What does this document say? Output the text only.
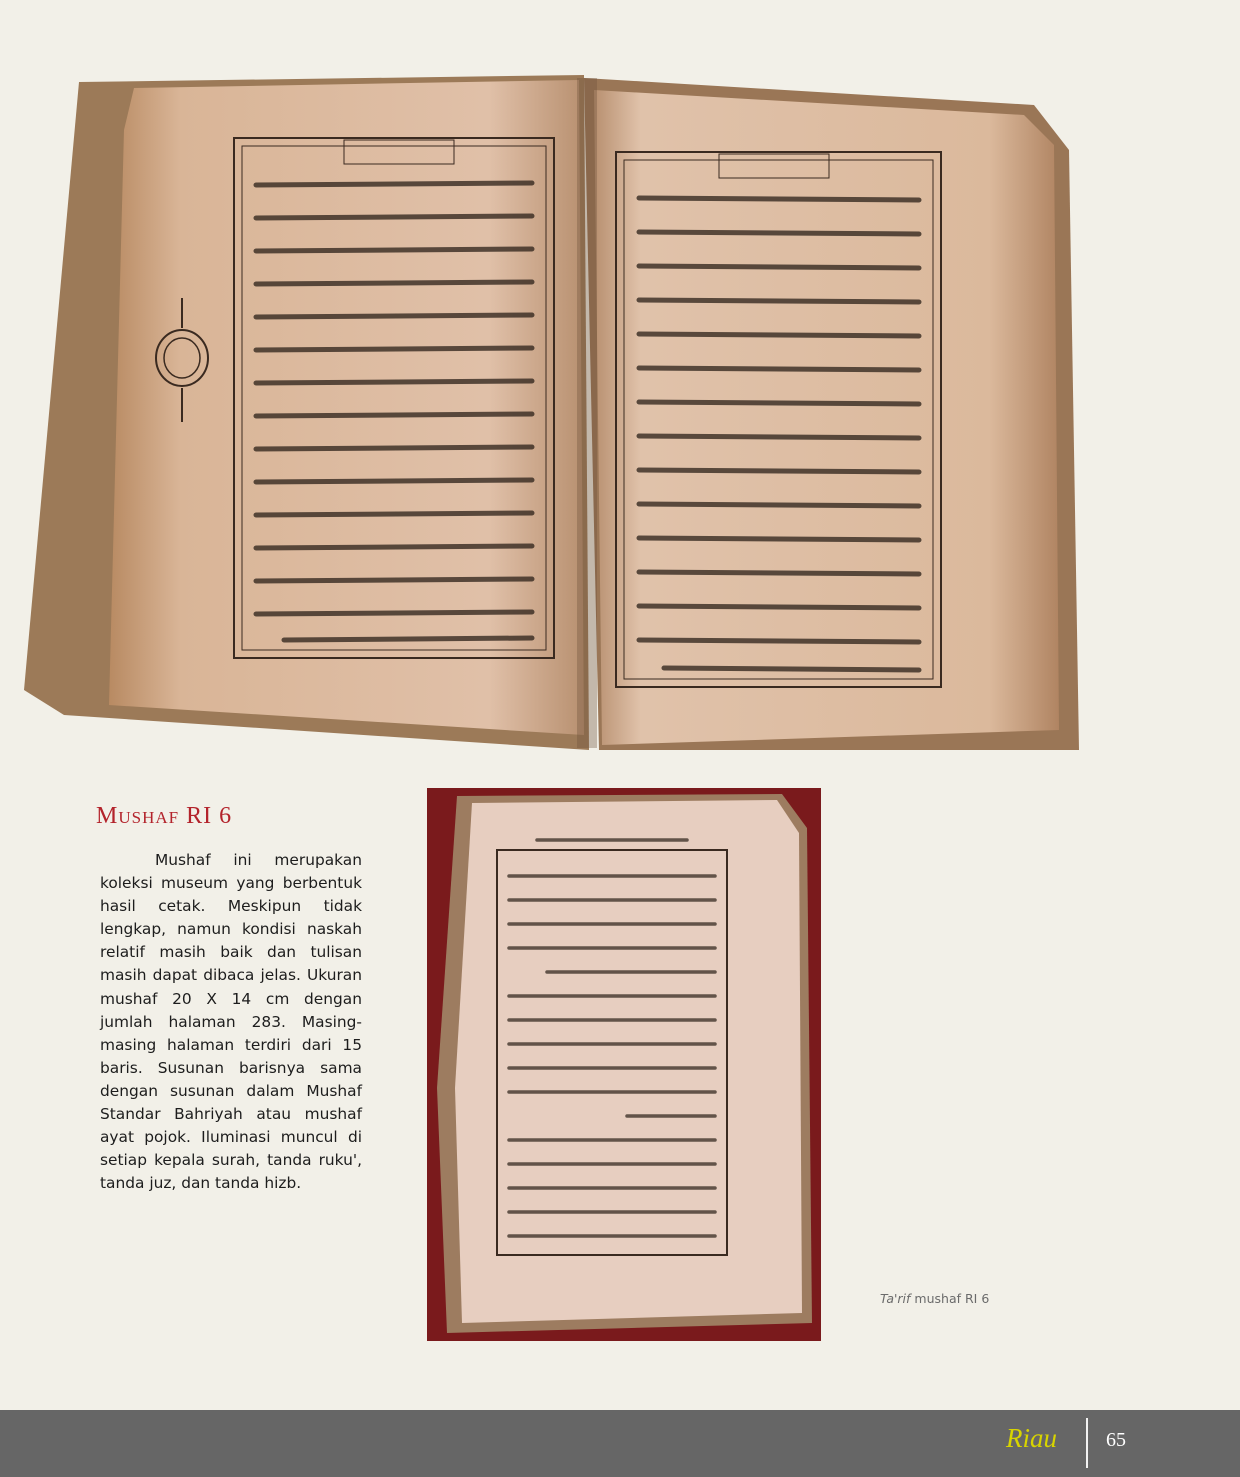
Mushaf RI 6

Mushaf ini merupakan koleksi museum yang berbentuk hasil cetak. Meskipun tidak lengkap, namun kondisi naskah relatif masih baik dan tulisan masih dapat dibaca jelas. Ukuran mushaf 20 X 14 cm dengan jumlah halaman 283. Masing-masing halaman terdiri dari 15 baris. Susunan barisnya sama dengan susunan dalam Mushaf Standar Bahriyah atau mushaf ayat pojok. Iluminasi muncul di setiap kepala surah, tanda ruku', tanda juz, dan tanda hizb.

Ta'rif mushaf RI 6
Riau 65
